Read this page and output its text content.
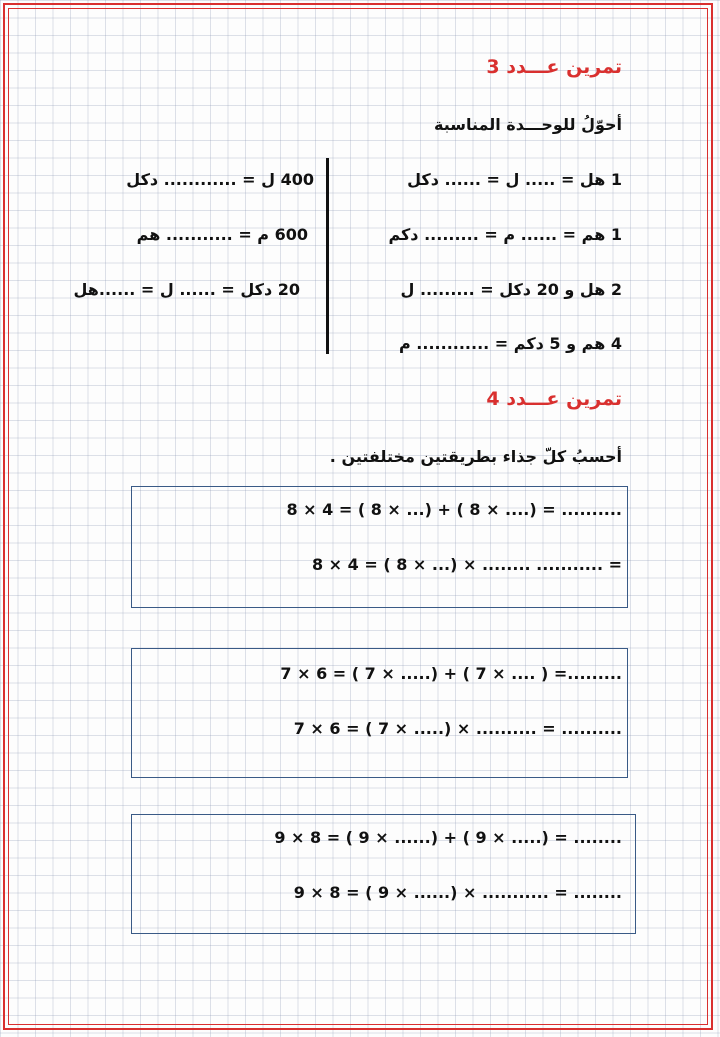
تمرين عـــدد 3
أحوّلُ للوحـــدة المناسبة
1 هل = ..... ل = ...... دكل
1 هم = ...... م = ......... دكم
2 هل و 20 دكل = ......... ل
4 هم و 5 دكم = ............ م
400 ل = ............ دكل
600 م = ........... هم
20 دكل = ...... ل = ......هل
تمرين عـــدد 4
أحسبُ كلّ جذاء بطريقتين مختلفتين .
8 × 4 = ( 8 × ...) + ( 8 × ....) = ..........
8 × 4 = ( 8 × ...) × ........ ........... =
7 × 6 = ( 7 × .....) + ( 7 × .... ) =.........
7 × 6 = ( 7 × .....) × .......... = ..........
9 × 8 = ( 9 × ......) + ( 9 × .....) = ........
9 × 8 = ( 9 × ......) × ........... = ........
